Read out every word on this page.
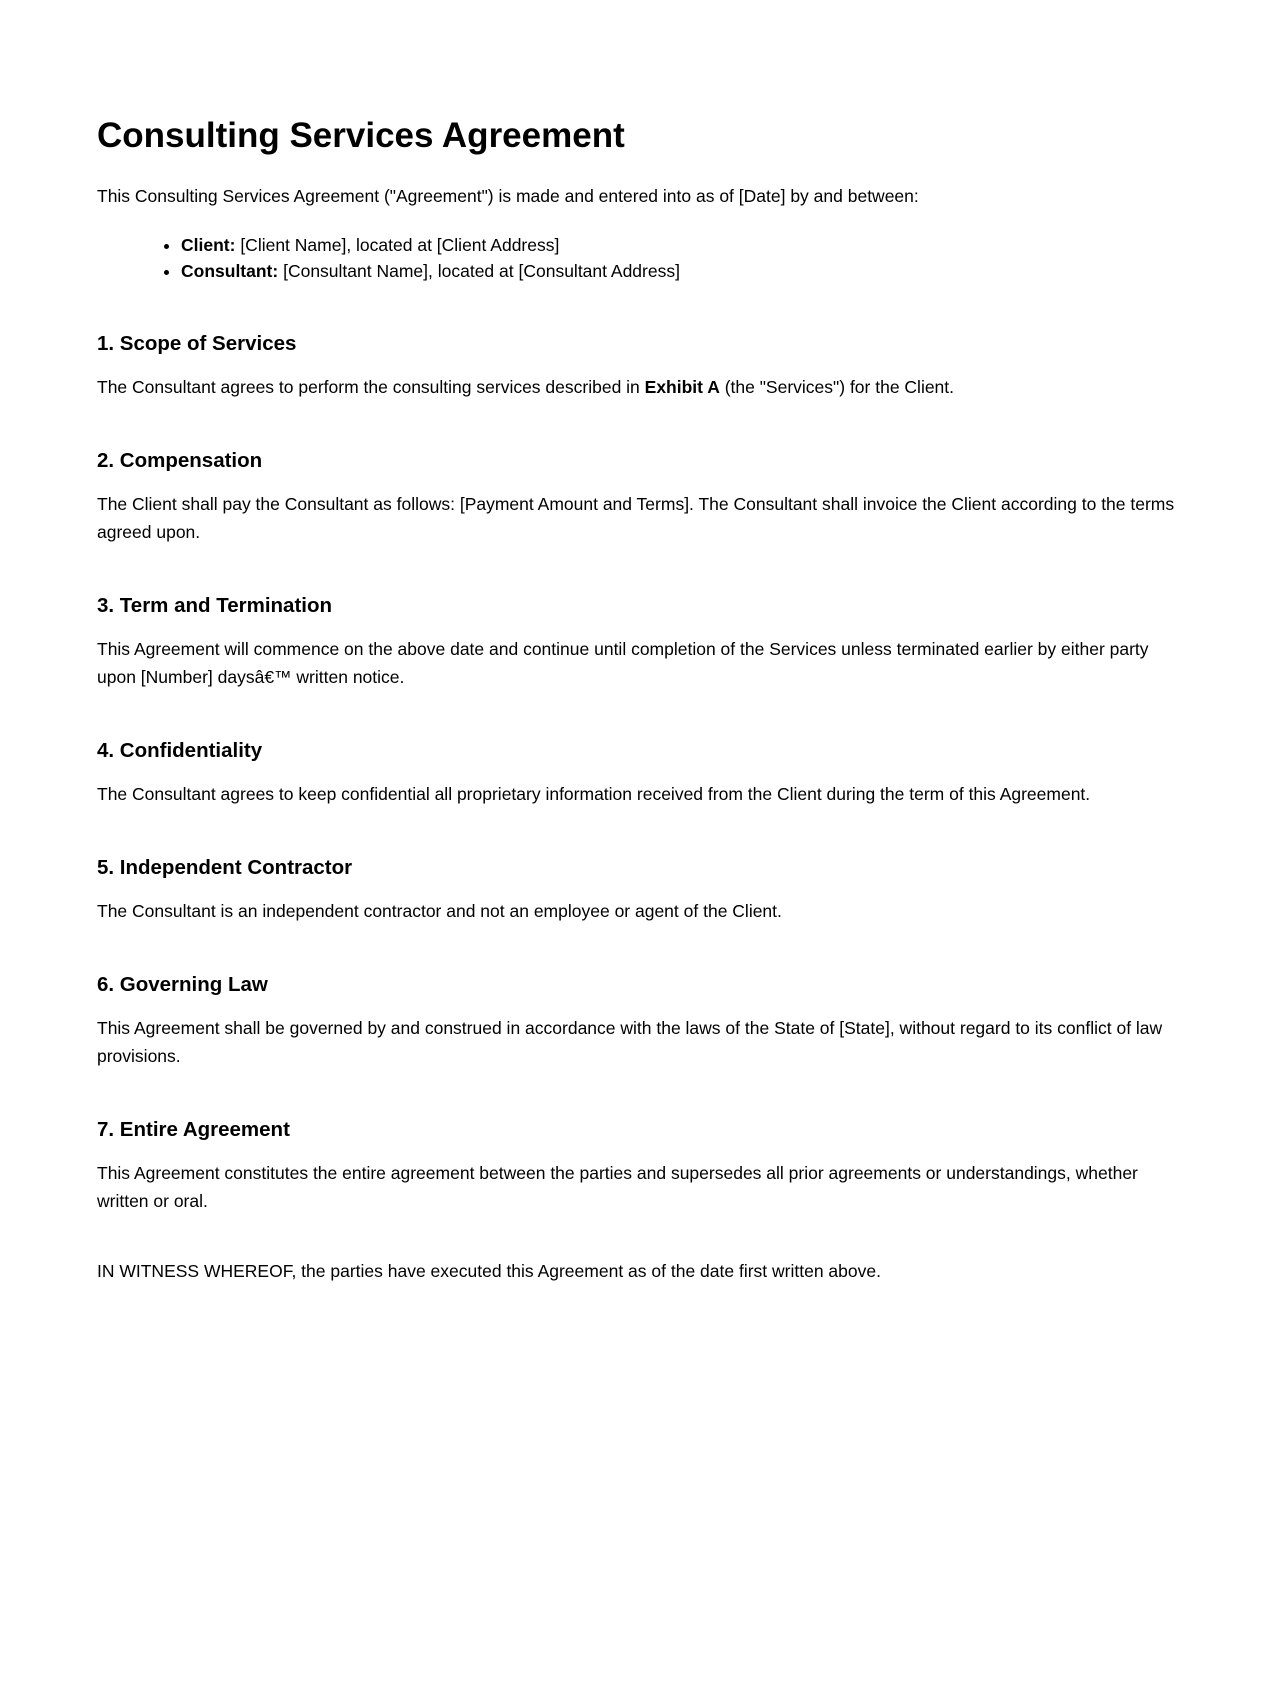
Consulting Services Agreement

This Consulting Services Agreement ("Agreement") is made and entered into as of [Date] by and between:

• Client: [Client Name], located at [Client Address]
• Consultant: [Consultant Name], located at [Consultant Address]
1. Scope of Services

The Consultant agrees to perform the consulting services described in Exhibit A (the "Services") for the Client.

2. Compensation

The Client shall pay the Consultant as follows: [Payment Amount and Terms]. The Consultant shall invoice the Client according to the terms agreed upon.

3. Term and Termination

This Agreement will commence on the above date and continue until completion of the Services unless terminated earlier by either party upon [Number] daysâ€™ written notice.

4. Confidentiality

The Consultant agrees to keep confidential all proprietary information received from the Client during the term of this Agreement.

5. Independent Contractor

The Consultant is an independent contractor and not an employee or agent of the Client.

6. Governing Law

This Agreement shall be governed by and construed in accordance with the laws of the State of [State], without regard to its conflict of law provisions.

7. Entire Agreement

This Agreement constitutes the entire agreement between the parties and supersedes all prior agreements or understandings, whether written or oral.

IN WITNESS WHEREOF, the parties have executed this Agreement as of the date first written above.
